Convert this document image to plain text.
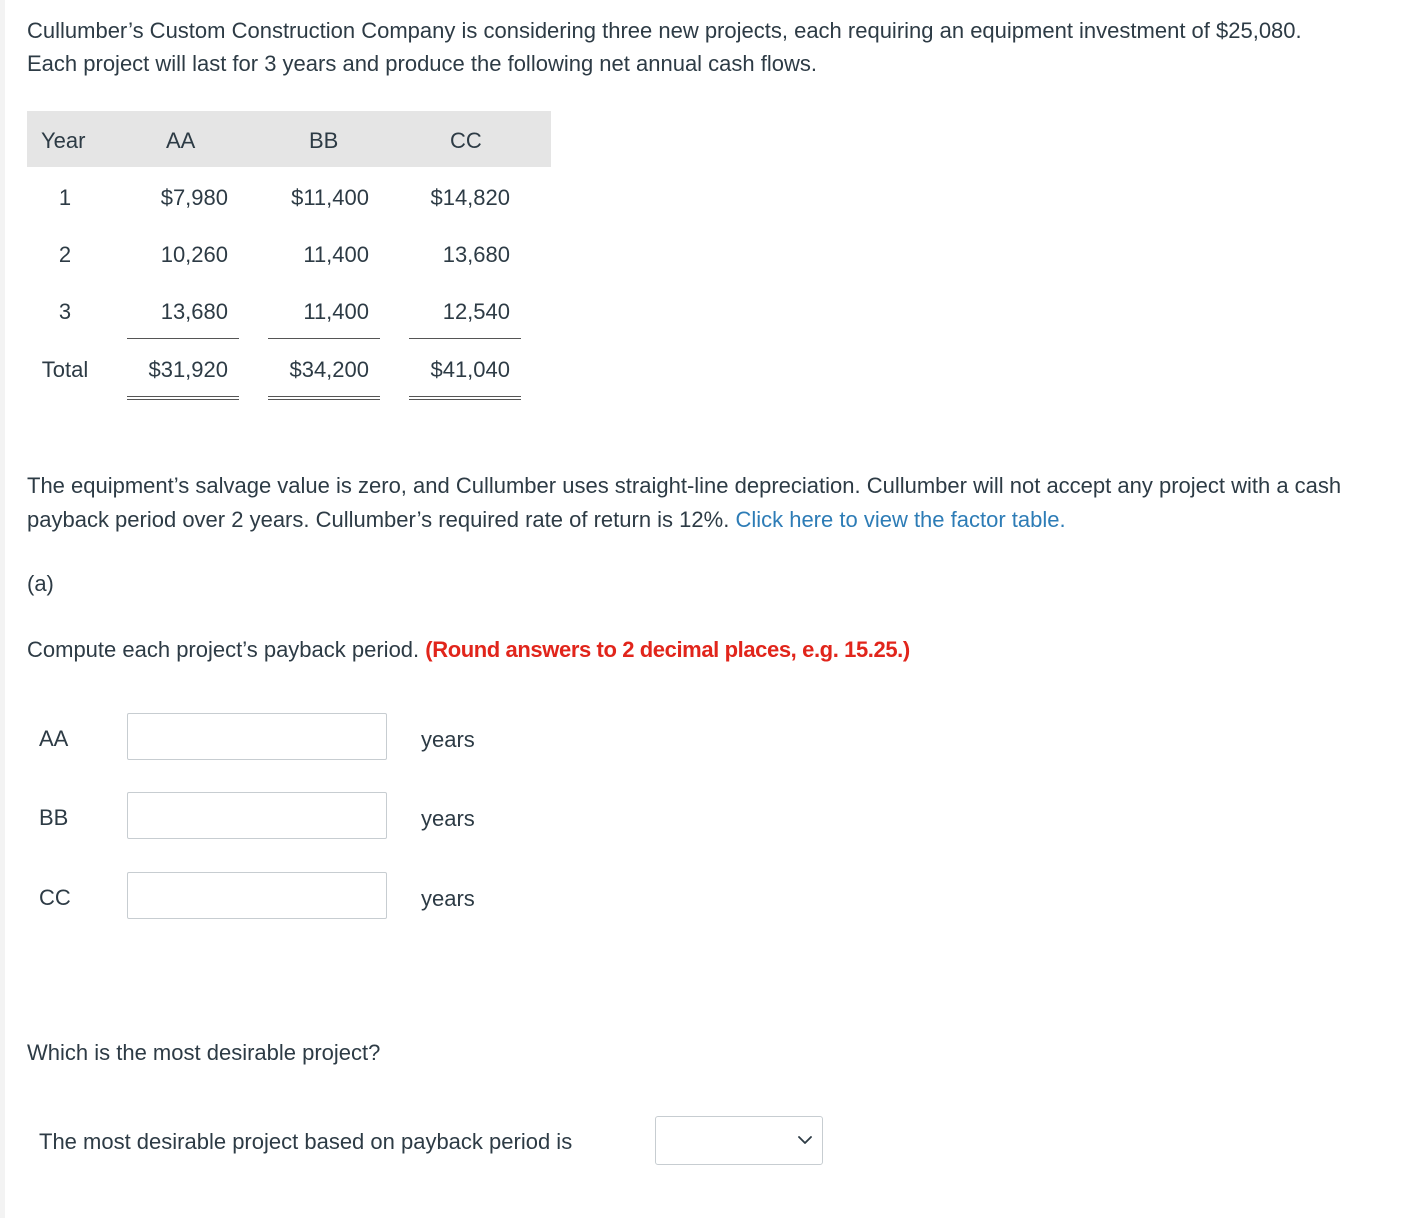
Cullumber’s Custom Construction Company is considering three new projects, each requiring an equipment investment of $25,080.
Each project will last for 3 years and produce the following net annual cash flows.
Year	AA	BB	CC
1	$7,980	$11,400	$14,820
2	10,260	11,400	13,680
3	13,680	11,400	12,540
Total	$31,920	$34,200	$41,040
The equipment’s salvage value is zero, and Cullumber uses straight-line depreciation. Cullumber will not accept any project with a cash payback period over 2 years. Cullumber’s required rate of return is 12%. Click here to view the factor table.
(a)
Compute each project’s payback period. (Round answers to 2 decimal places, e.g. 15.25.)
AA	years
BB	years
CC	years
Which is the most desirable project?
The most desirable project based on payback period is
